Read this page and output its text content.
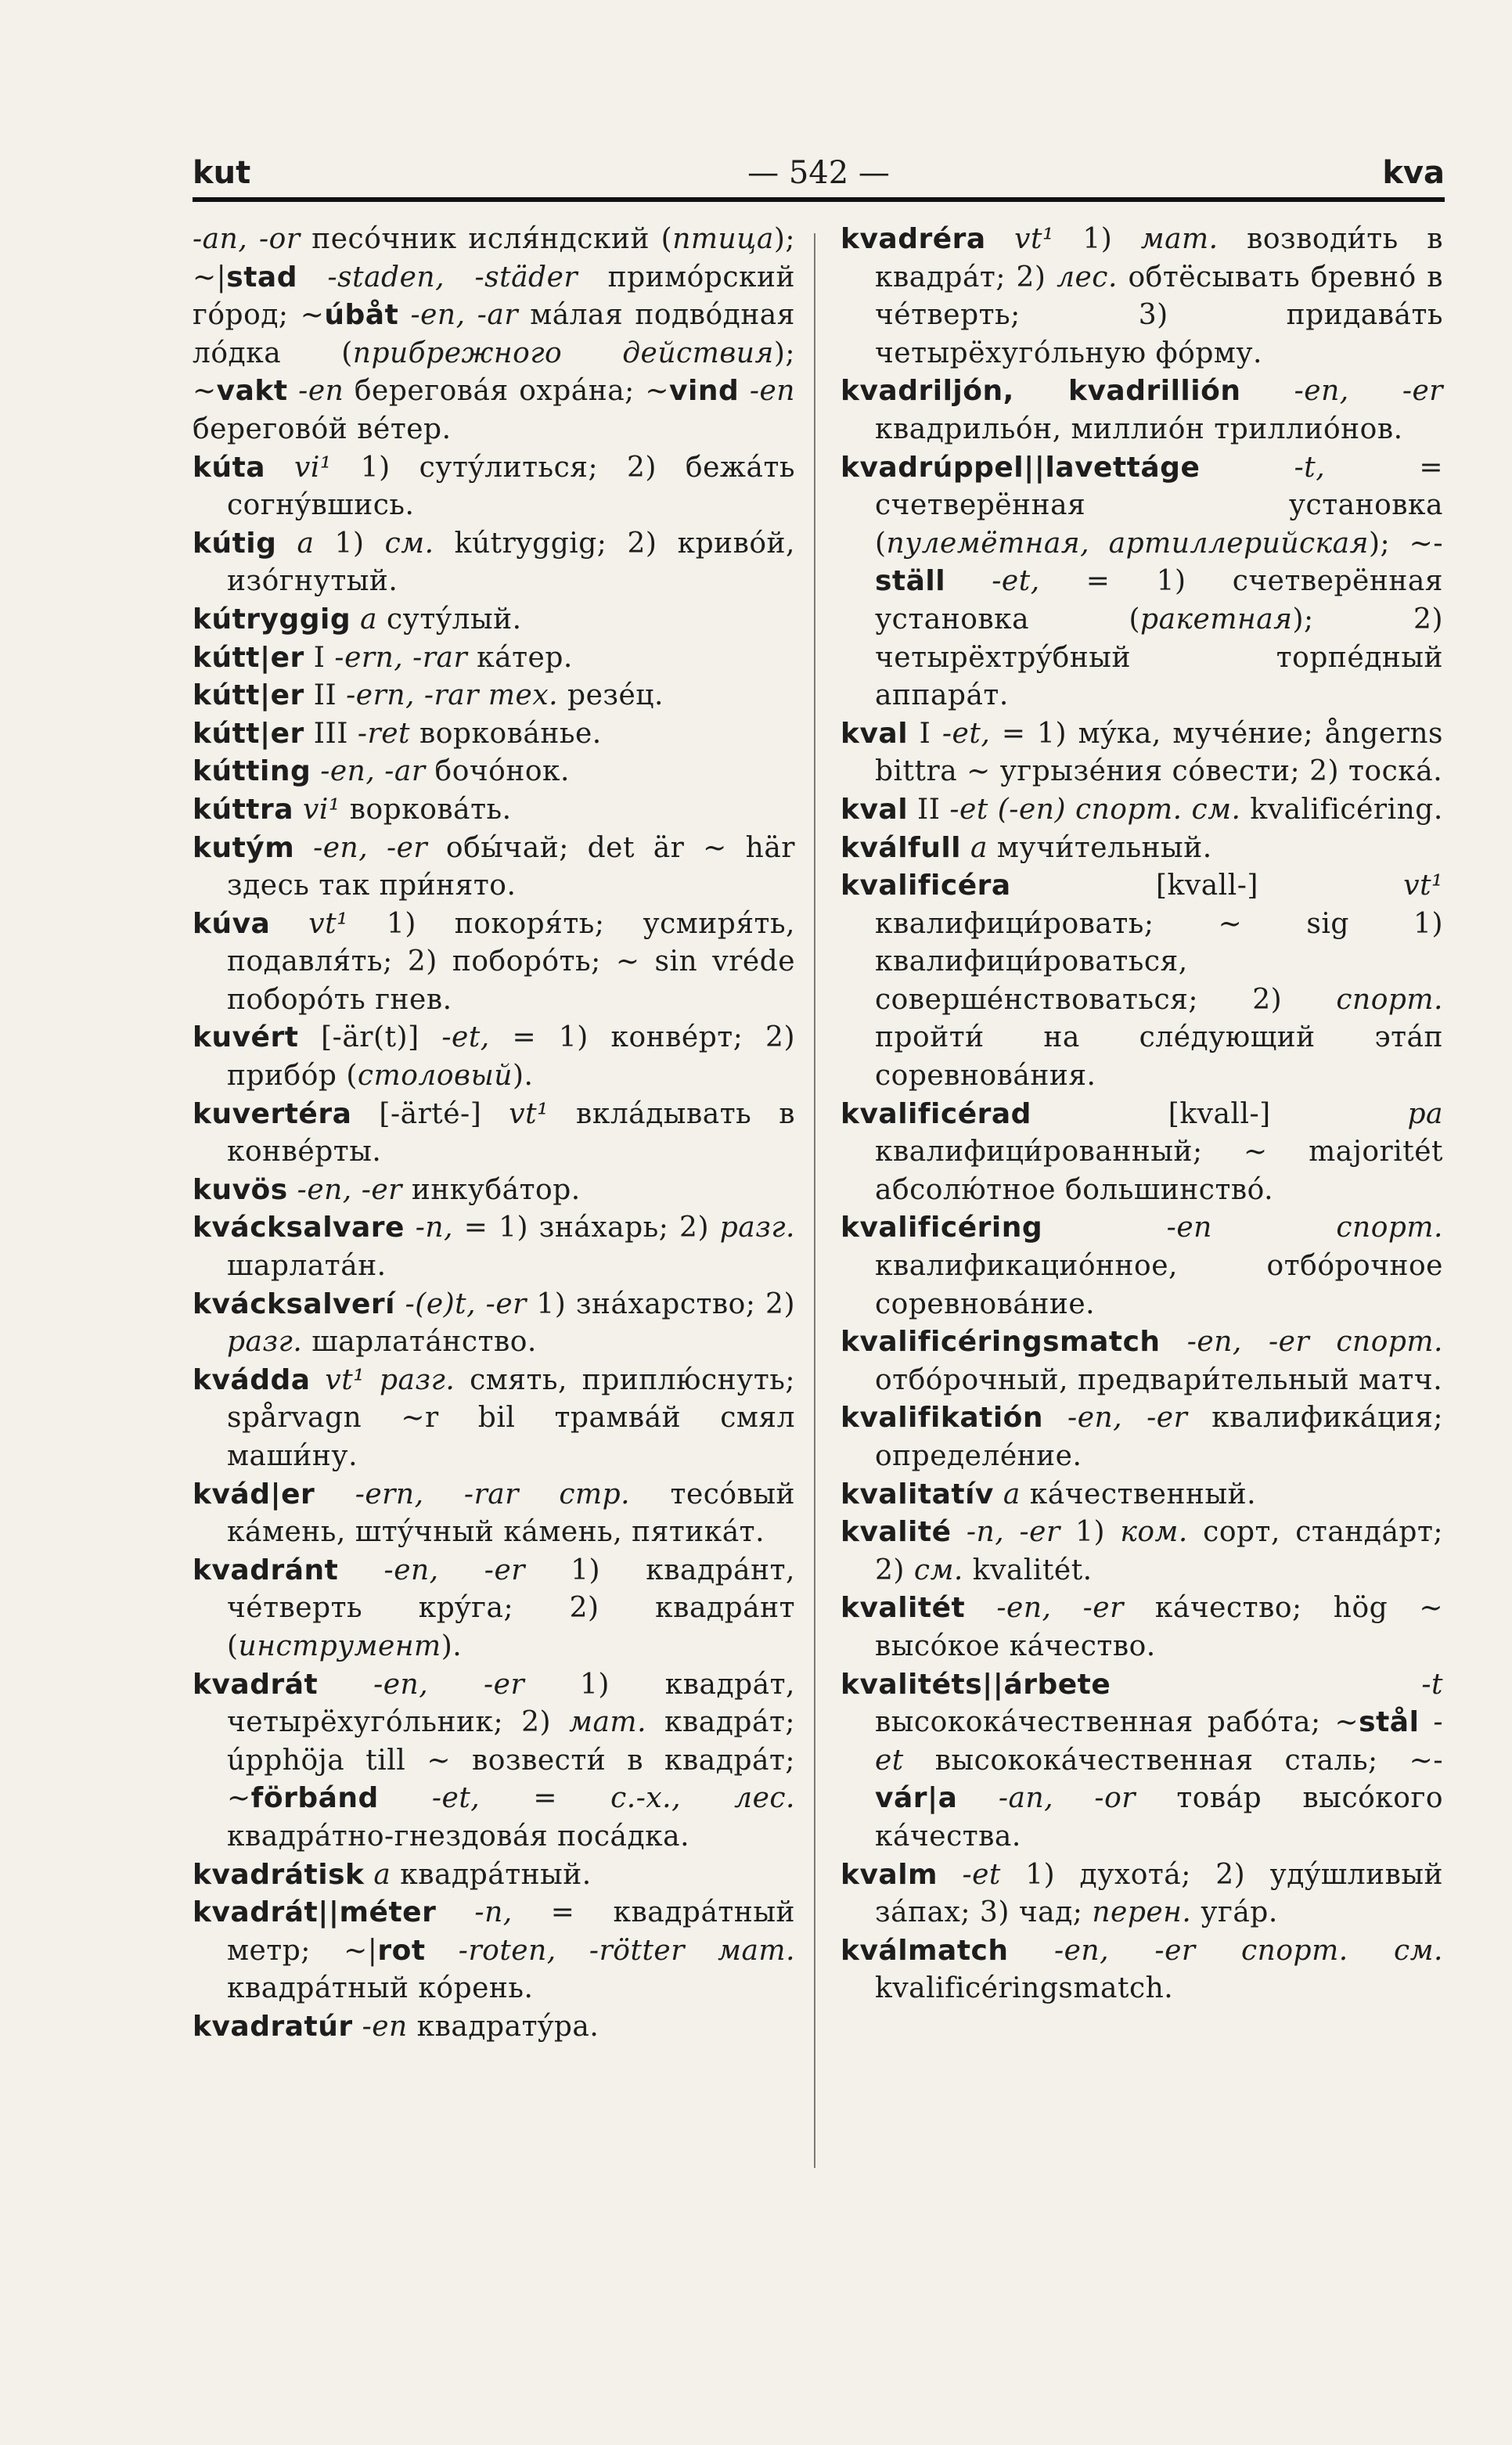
kut	— 542 —	kva
-an, -or песóчник исля́ндский (птица); ~|stad -staden, -städer примóрский гóрод; ~úbåt -en, -ar мáлая подвóдная лóдка (прибрежного действия); ~vakt -en берегова́я охрáна; ~vind -en береговóй вéтер.
kúta vi¹ 1) сутýлиться; 2) бежáть согнýвшись.
kútig a 1) см. kútryggig; 2) кривóй, изóгнутый.
kútryggig a сутýлый.
kútt|er I -ern, -rar кáтер.
kútt|er II -ern, -rar тех. резéц.
kútt|er III -ret воркова́нье.
kútting -en, -ar бочóнок.
kúttra vi¹ ворковáть.
kutým -en, -er обы́чай; det är ~ här здесь так при́нято.
kúva vt¹ 1) покоря́ть; усмиря́ть, подавля́ть; 2) поборóть; ~ sin vréde поборóть гнев.
kuvért [-är(t)] -et, = 1) конвéрт; 2) прибóр (столовый).
kuvertéra [-ärté-] vt¹ вкла́дывать в конвéрты.
kuvös -en, -er инкубáтор.
kvácksalvare -n, = 1) знáхарь; 2) разг. шарлатáн.
kvácksalverí -(e)t, -er 1) знáхарство; 2) разг. шарлатáнство.
kvádda vt¹ разг. смять, приплю́снуть; spårvagn ~r bil трамвáй смял маши́ну.
kvád|er -ern, -rar стр. тесóвый кáмень, штýчный кáмень, пятикáт.
kvadránt -en, -er 1) квадрáнт, чéтверть крýга; 2) квадрáнт (инструмент).
kvadrát -en, -er 1) квадрáт, четырёхугóльник; 2) мат. квадрáт; úpphöja till ~ возвести́ в квадрáт; ~förbánd -et, = с.-х., лес. квадрáтно-гнездовáя посáдка.
kvadrátisk a квадрáтный.
kvadrát||méter -n, = квадрáтный метр; ~|rot -roten, -rötter мат. квадрáтный кóрень.
kvadratúr -en квадратýра.
kvadréra vt¹ 1) мат. возводи́ть в квадрáт; 2) лес. обтёсывать бревнó в чéтверть; 3) придавáть четырёхугóльную фóрму.
kvadriljón, kvadrillión -en, -er квадрильóн, миллиóн триллиóнов.
kvadrúppel||lavettáge	-t, = счетверённая установка (пулемётная, артиллерийская); ~-ställ -et, = 1) счетверённая установка (ракетная); 2) четырёхтрýбный торпéдный аппарáт.
kval I -et, = 1) мýка, мучéние; ångerns bittra ~ угрызéния сóвести; 2) тоскá.
kval II -et (-en) спорт. см. kvalificéring.
kválfull a мучи́тельный.
kvalificéra [kvall-] vt¹ квалифици́ровать; ~ sig 1) квалифици́роваться, совершéнствоваться; 2) спорт. пройти́ на слéдующий этáп соревновáния.
kvalificérad [kvall-] pa квалифици́рованный; ~ majoritét абсолю́тное большинствó.
kvalificéring	-en спорт. квалификациóнное, отбóрочное соревновáние.
kvalificéringsmatch -en, -er спорт. отбóрочный, предвари́тельный матч.
kvalifikatión -en, -er квалификáция; определéние.
kvalitatív a кáчественный.
kvalité -n, -er 1) ком. сорт, стандáрт; 2) см. kvalitét.
kvalitét -en, -er кáчество; hög ~ высóкое кáчество.
kvalitéts||árbete	-t высококáчественная рабóта; ~stål -et высококáчественная сталь; ~-vár|a -an, -or товáр высóкого кáчества.
kvalm -et 1) духотá; 2) удýшливый зáпах; 3) чад; перен. угáр.
kválmatch -en, -er спорт. см. kvalificéringsmatch.
